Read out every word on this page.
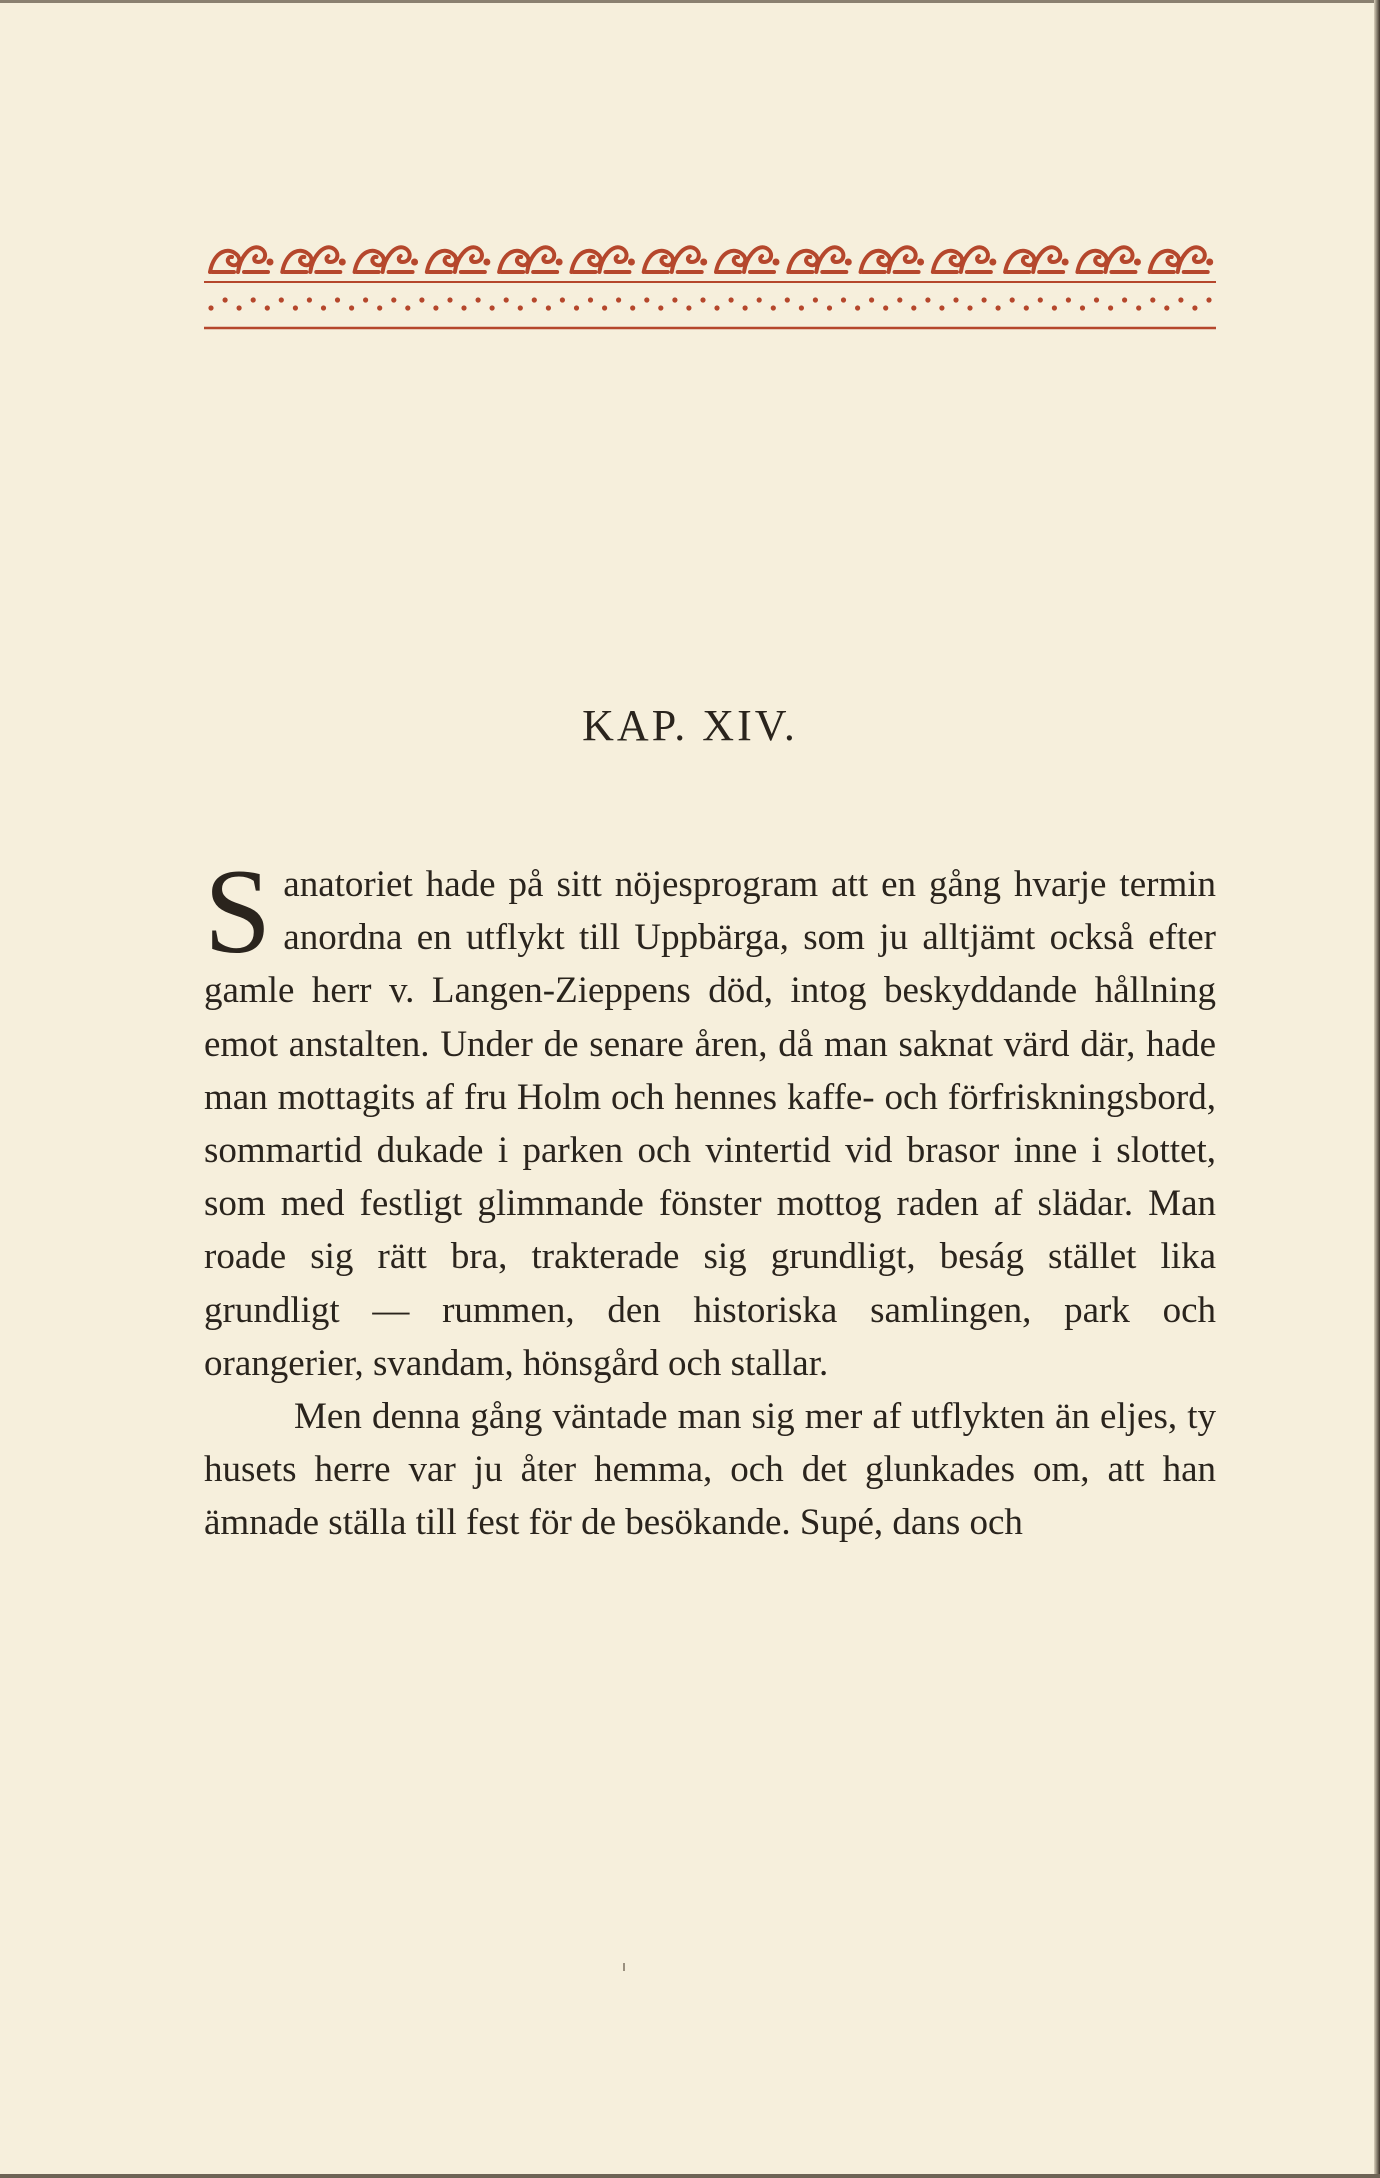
KAP. XIV.

Sanatoriet hade på sitt nöjesprogram att en gång hvarje termin anordna en utflykt till Uppbärga, som ju alltjämt också efter gamle herr v. Langen-Zieppens död, intog beskyddande hållning emot anstalten. Under de senare åren, då man saknat värd där, hade man mottagits af fru Holm och hennes kaffe- och förfriskningsbord, sommartid dukade i parken och vintertid vid brasor inne i slottet, som med festligt glimmande fönster mottog raden af slädar. Man roade sig rätt bra, trakterade sig grundligt, beság stället lika grundligt — rummen, den historiska samlingen, park och orangerier, svandam, hönsgård och stallar.

Men denna gång väntade man sig mer af utflykten än eljes, ty husets herre var ju åter hemma, och det glunkades om, att han ämnade ställa till fest för de besökande. Supé, dans och
